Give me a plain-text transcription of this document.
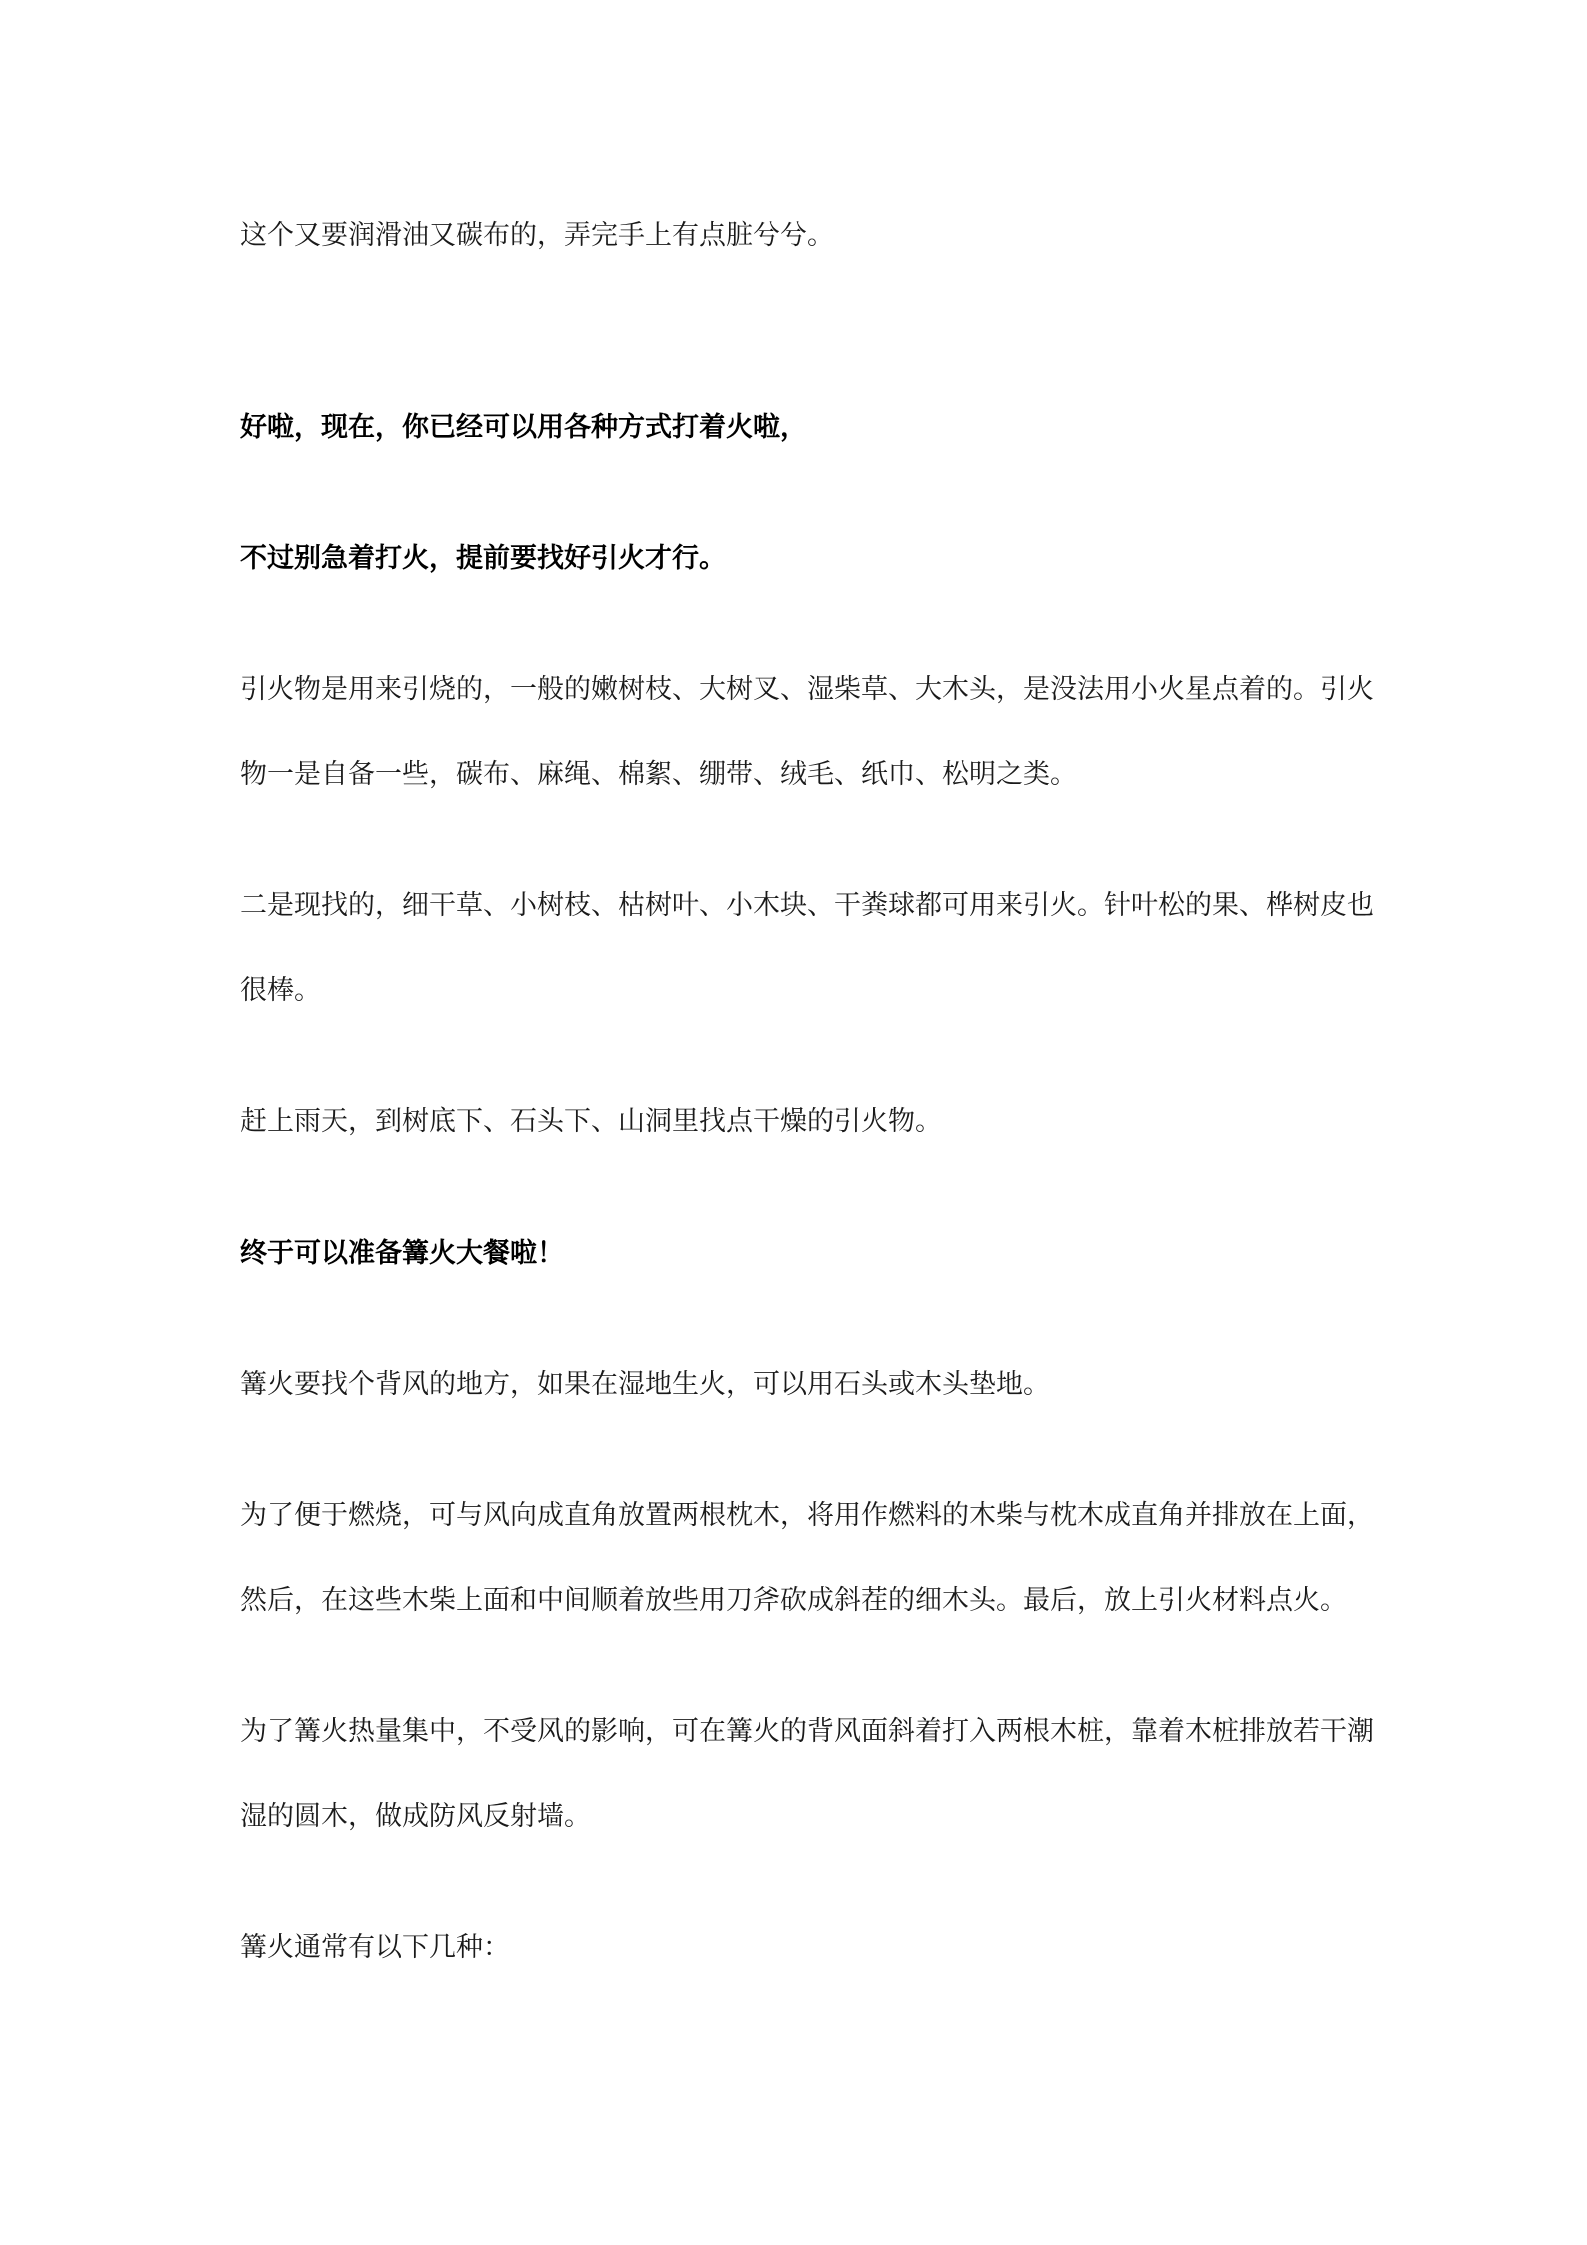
这个又要润滑油又碳布的，弄完手上有点脏兮兮。

好啦，现在，你已经可以用各种方式打着火啦，

不过别急着打火，提前要找好引火才行。

引火物是用来引烧的，一般的嫩树枝、大树叉、湿柴草、大木头，是没法用小火星点着的。引火

物一是自备一些，碳布、麻绳、棉絮、绷带、绒毛、纸巾、松明之类。

二是现找的，细干草、小树枝、枯树叶、小木块、干粪球都可用来引火。针叶松的果、桦树皮也

很棒。

赶上雨天，到树底下、石头下、山洞里找点干燥的引火物。

终于可以准备篝火大餐啦！

篝火要找个背风的地方，如果在湿地生火，可以用石头或木头垫地。

为了便于燃烧，可与风向成直角放置两根枕木，将用作燃料的木柴与枕木成直角并排放在上面，

然后，在这些木柴上面和中间顺着放些用刀斧砍成斜茬的细木头。最后，放上引火材料点火。

为了篝火热量集中，不受风的影响，可在篝火的背风面斜着打入两根木桩，靠着木桩排放若干潮

湿的圆木，做成防风反射墙。

篝火通常有以下几种：
